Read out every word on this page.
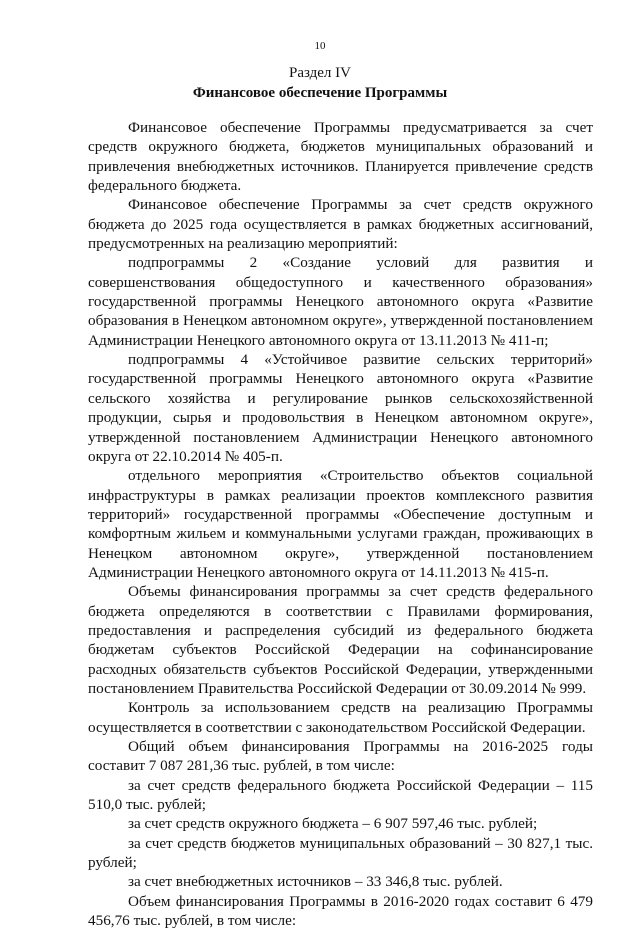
10
Раздел IV
Финансовое обеспечение Программы

Финансовое обеспечение Программы предусматривается за счет средств окружного бюджета, бюджетов муниципальных образований и привлечения внебюджетных источников. Планируется привлечение средств федерального бюджета.

Финансовое обеспечение Программы за счет средств окружного бюджета до 2025 года осуществляется в рамках бюджетных ассигнований, предусмотренных на реализацию мероприятий:

подпрограммы 2 «Создание условий для развития и совершенствования общедоступного и качественного образования» государственной программы Ненецкого автономного округа «Развитие образования в Ненецком автономном округе», утвержденной постановлением Администрации Ненецкого автономного округа от 13.11.2013 № 411-п;

подпрограммы 4 «Устойчивое развитие сельских территорий» государственной программы Ненецкого автономного округа «Развитие сельского хозяйства и регулирование рынков сельскохозяйственной продукции, сырья и продовольствия в Ненецком автономном округе», утвержденной постановлением Администрации Ненецкого автономного округа от 22.10.2014 № 405-п.

отдельного мероприятия «Строительство объектов социальной инфраструктуры в рамках реализации проектов комплексного развития территорий» государственной программы «Обеспечение доступным и комфортным жильем и коммунальными услугами граждан, проживающих в Ненецком автономном округе», утвержденной постановлением Администрации Ненецкого автономного округа от 14.11.2013 № 415-п.

Объемы финансирования программы за счет средств федерального бюджета определяются в соответствии с Правилами формирования, предоставления и распределения субсидий из федерального бюджета бюджетам субъектов Российской Федерации на софинансирование расходных обязательств субъектов Российской Федерации, утвержденными постановлением Правительства Российской Федерации от 30.09.2014 № 999.

Контроль за использованием средств на реализацию Программы осуществляется в соответствии с законодательством Российской Федерации.

Общий объем финансирования Программы на 2016-2025 годы составит 7 087 281,36 тыс. рублей, в том числе:

за счет средств федерального бюджета Российской Федерации – 115 510,0 тыс. рублей;

за счет средств окружного бюджета – 6 907 597,46 тыс. рублей;

за счет средств бюджетов муниципальных образований – 30 827,1 тыс. рублей;

за счет внебюджетных источников – 33 346,8 тыс. рублей.

Объем финансирования Программы в 2016-2020 годах составит 6 479 456,76 тыс. рублей, в том числе:
